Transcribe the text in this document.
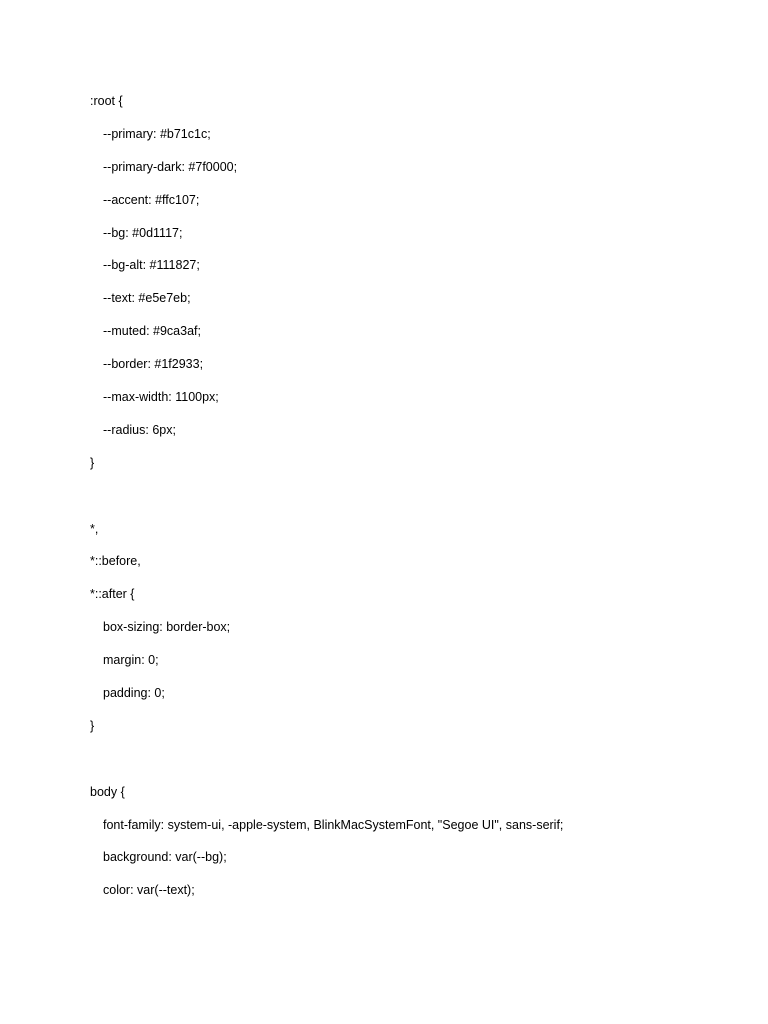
:root {
--primary: #b71c1c;
--primary-dark: #7f0000;
--accent: #ffc107;
--bg: #0d1117;
--bg-alt: #111827;
--text: #e5e7eb;
--muted: #9ca3af;
--border: #1f2933;
--max-width: 1100px;
--radius: 6px;
}
*,
*::before,
*::after {
box-sizing: border-box;
margin: 0;
padding: 0;
}
body {
font-family: system-ui, -apple-system, BlinkMacSystemFont, "Segoe UI", sans-serif;
background: var(--bg);
color: var(--text);
